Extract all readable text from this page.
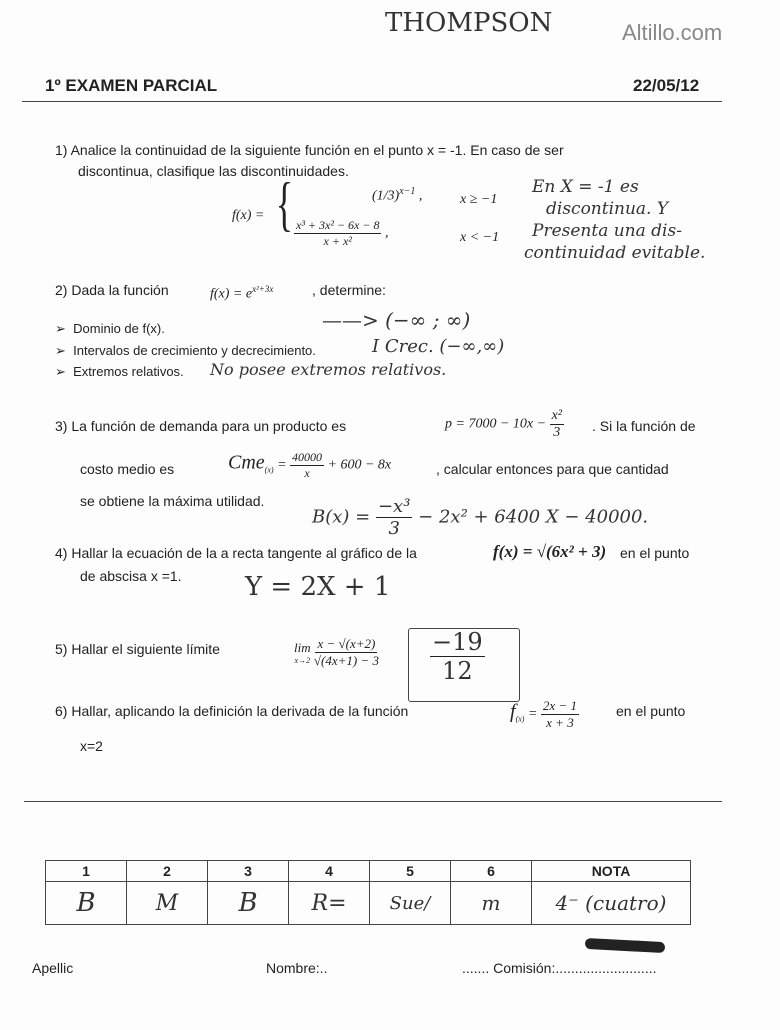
THOMPSON	Altillo.com
1º EXAMEN PARCIAL	22/05/12
1) Analice la continuidad de la siguiente función en el punto x = -1. En caso de ser
discontinua, clasifique las discontinuidades.
f(x) = {	$(1/3)^{x-1}$ ,	x ≥ −1
$\frac{\text{x³ + 3x² − 6x − 8}}{\text{x + x²}}$ ,	x < −1
En X = -1 es
discontinua. Y
Presenta una dis-
continuidad evitable.
2) Dada la función	$f(x) = e^{x^2+3x}$	, determine:
➢  Dominio de f(x).	——> (−∞ ; ∞)
➢  Intervalos de crecimiento y decrecimiento.	I Crec. (−∞,∞)
➢  Extremos relativos. No posee extremos relativos.
3) La función de demanda para un producto es	$p = 7000 - 10x - \frac{\text{x²}}{3}$ . Si la función de
costo medio es	$Cme_{(x)} = \frac{40000}{x} + 600 - 8x$	, calcular entonces para que cantidad
se obtiene la máxima utilidad.
$B(x) = \frac{\text{−x³}}{3} - 2x^2 + 6400$ X − 40000.
4) Hallar la ecuación de la a recta tangente al gráfico de la	f(x) = √(6x² + 3) en el punto
de abscisa x =1. Y = 2X + 1
5) Hallar el siguiente límite	lim
x→2
$\frac{x - √(x+2)}{√(4x+1) - 3} \frac{-19}{12}$
6) Hallar, aplicando la definición la derivada de la función	$f_{(x)} = \frac{2x - 1}{x + 3}$	en el punto
x=2
1	2	3	4	5	6	NOTA
B	M	B	R=	Sue/	m	4⁻ (cuatro)
Apellic	Nombre:..	....... Comisión:..........................
